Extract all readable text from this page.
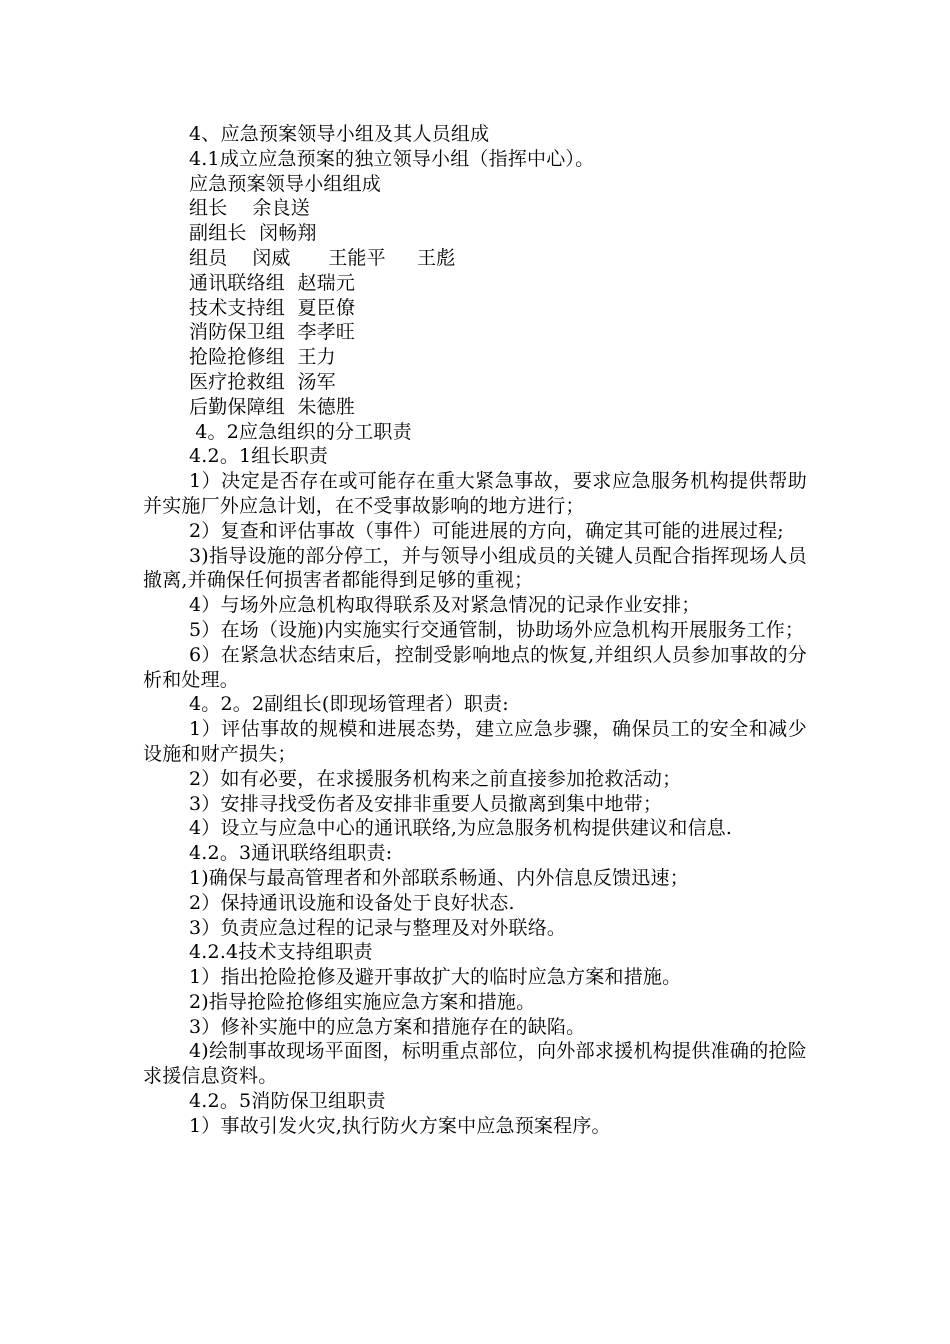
4、应急预案领导小组及其人员组成

4.1成立应急预案的独立领导小组（指挥中心）。

应急预案领导小组组成

组长    余良送

副组长  闵畅翔

组员    闵威      王能平     王彪

通讯联络组  赵瑞元

技术支持组  夏臣僚

消防保卫组  李孝旺

抢险抢修组  王力

医疗抢救组  汤军

后勤保障组  朱德胜

4。2应急组织的分工职责

4.2。1组长职责

1）决定是否存在或可能存在重大紧急事故，要求应急服务机构提供帮助并实施厂外应急计划，在不受事故影响的地方进行；

2）复查和评估事故（事件）可能进展的方向，确定其可能的进展过程;

3)指导设施的部分停工，并与领导小组成员的关键人员配合指挥现场人员撤离,并确保任何损害者都能得到足够的重视；

4）与场外应急机构取得联系及对紧急情况的记录作业安排；

5）在场（设施)内实施实行交通管制，协助场外应急机构开展服务工作；

6）在紧急状态结束后，控制受影响地点的恢复,并组织人员参加事故的分析和处理。

4。2。2副组长(即现场管理者）职责:

1）评估事故的规模和进展态势，建立应急步骤，确保员工的安全和减少设施和财产损失；

2）如有必要，在求援服务机构来之前直接参加抢救活动；

3）安排寻找受伤者及安排非重要人员撤离到集中地带；

4）设立与应急中心的通讯联络,为应急服务机构提供建议和信息.

4.2。3通讯联络组职责:

1)确保与最高管理者和外部联系畅通、内外信息反馈迅速；

2）保持通讯设施和设备处于良好状态.

3）负责应急过程的记录与整理及对外联络。

4.2.4技术支持组职责

1）指出抢险抢修及避开事故扩大的临时应急方案和措施。

2)指导抢险抢修组实施应急方案和措施。

3）修补实施中的应急方案和措施存在的缺陷。

4)绘制事故现场平面图，标明重点部位，向外部求援机构提供准确的抢险求援信息资料。

4.2。5消防保卫组职责

1）事故引发火灾,执行防火方案中应急预案程序。
